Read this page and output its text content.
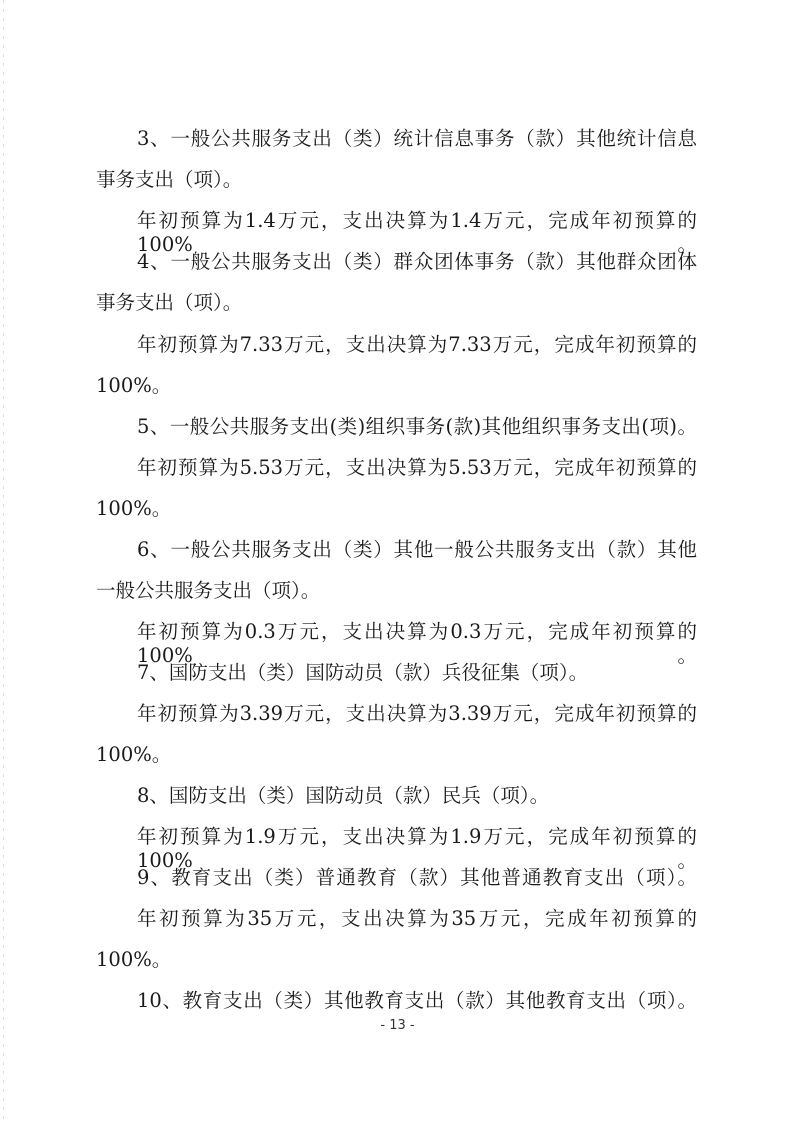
3、一般公共服务支出（类）统计信息事务（款）其他统计信息

事务支出（项）。

年初预算为1.4万元，支出决算为1.4万元，完成年初预算的100%。

4、一般公共服务支出（类）群众团体事务（款）其他群众团体

事务支出（项）。

年初预算为7.33万元，支出决算为7.33万元，完成年初预算的

100%。

5、一般公共服务支出(类)组织事务(款)其他组织事务支出(项)。

年初预算为5.53万元，支出决算为5.53万元，完成年初预算的

100%。

6、一般公共服务支出（类）其他一般公共服务支出（款）其他

一般公共服务支出（项）。

年初预算为0.3万元，支出决算为0.3万元，完成年初预算的100%。

7、国防支出（类）国防动员（款）兵役征集（项）。

年初预算为3.39万元，支出决算为3.39万元，完成年初预算的

100%。

8、国防支出（类）国防动员（款）民兵（项）。

年初预算为1.9万元，支出决算为1.9万元，完成年初预算的100%。

9、教育支出（类）普通教育（款）其他普通教育支出（项）。

年初预算为35万元，支出决算为35万元，完成年初预算的

100%。

10、教育支出（类）其他教育支出（款）其他教育支出（项）。

- 13 -
